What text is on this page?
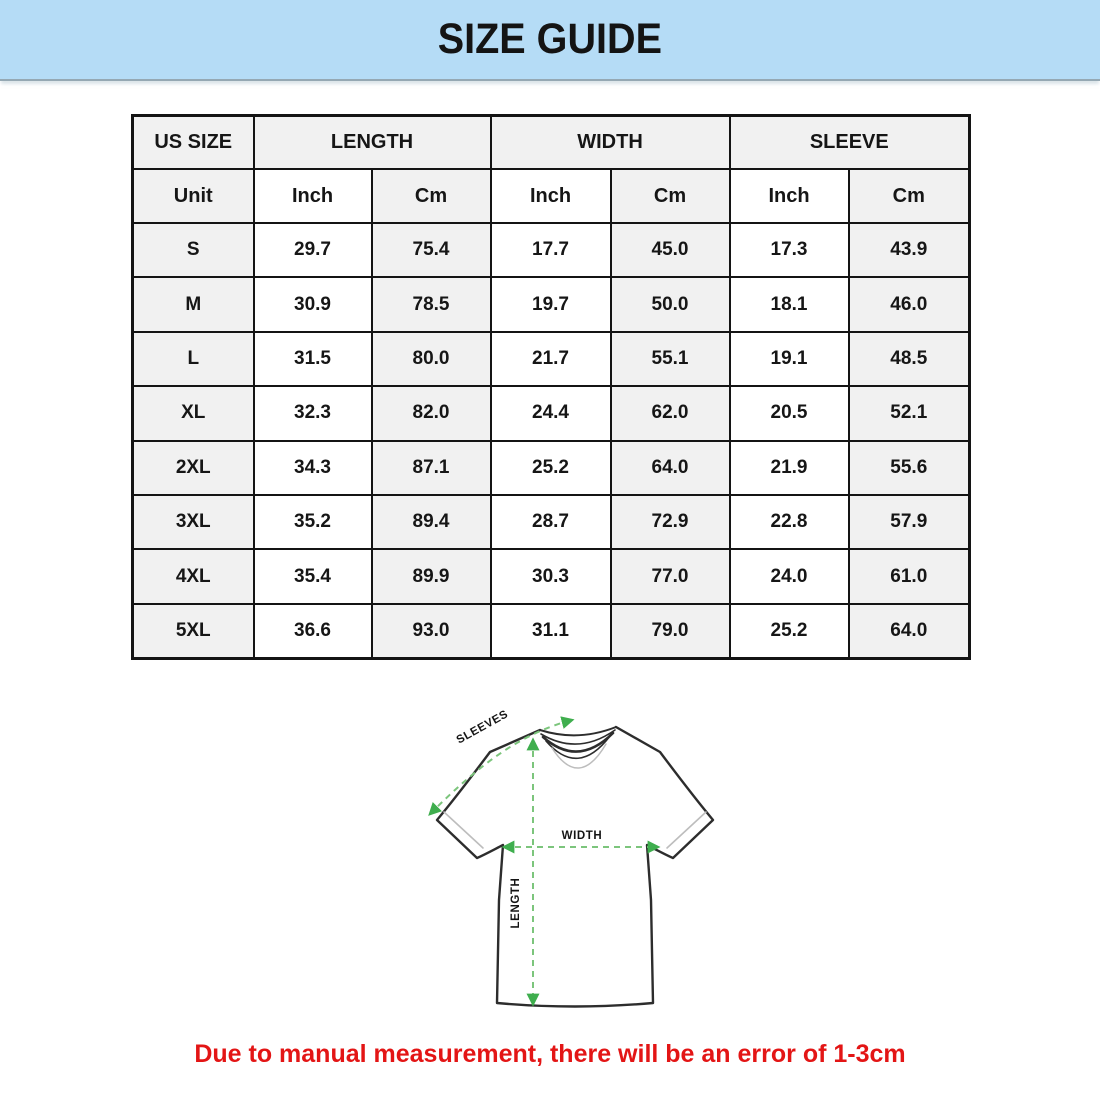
SIZE GUIDE
US SIZE	LENGTH		WIDTH		SLEEVE	
Unit	Inch	Cm	Inch	Cm	Inch	Cm
S	29.7	75.4	17.7	45.0	17.3	43.9
M	30.9	78.5	19.7	50.0	18.1	46.0
L	31.5	80.0	21.7	55.1	19.1	48.5
XL	32.3	82.0	24.4	62.0	20.5	52.1
2XL	34.3	87.1	25.2	64.0	21.9	55.6
3XL	35.2	89.4	28.7	72.9	22.8	57.9
4XL	35.4	89.9	30.3	77.0	24.0	61.0
5XL	36.6	93.0	31.1	79.0	25.2	64.0
SLEEVES
WIDTH
LENGTH
Due to manual measurement, there will be an error of 1-3cm
